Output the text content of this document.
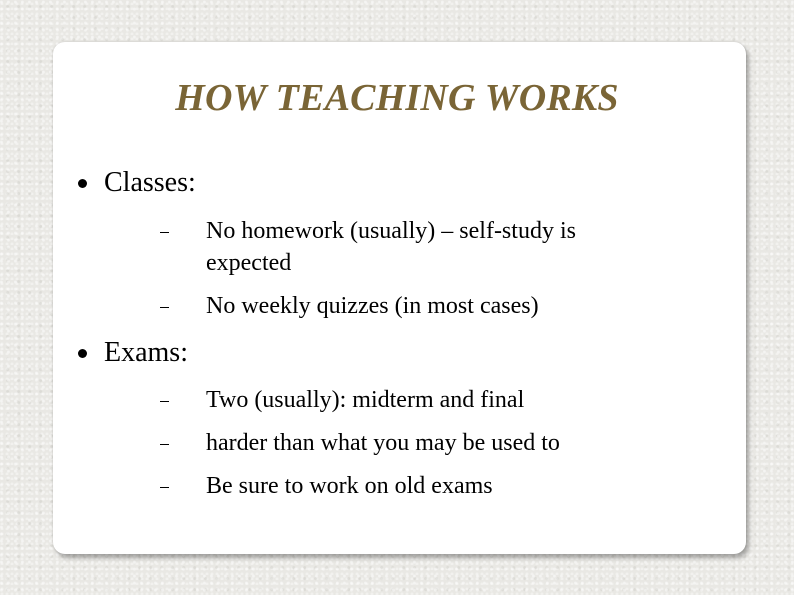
HOW TEACHING WORKS
Classes:
No homework (usually) – self-study is expected
No weekly quizzes (in most cases)
Exams:
Two (usually): midterm and final
harder than what you may be used to
Be sure to work on old exams
